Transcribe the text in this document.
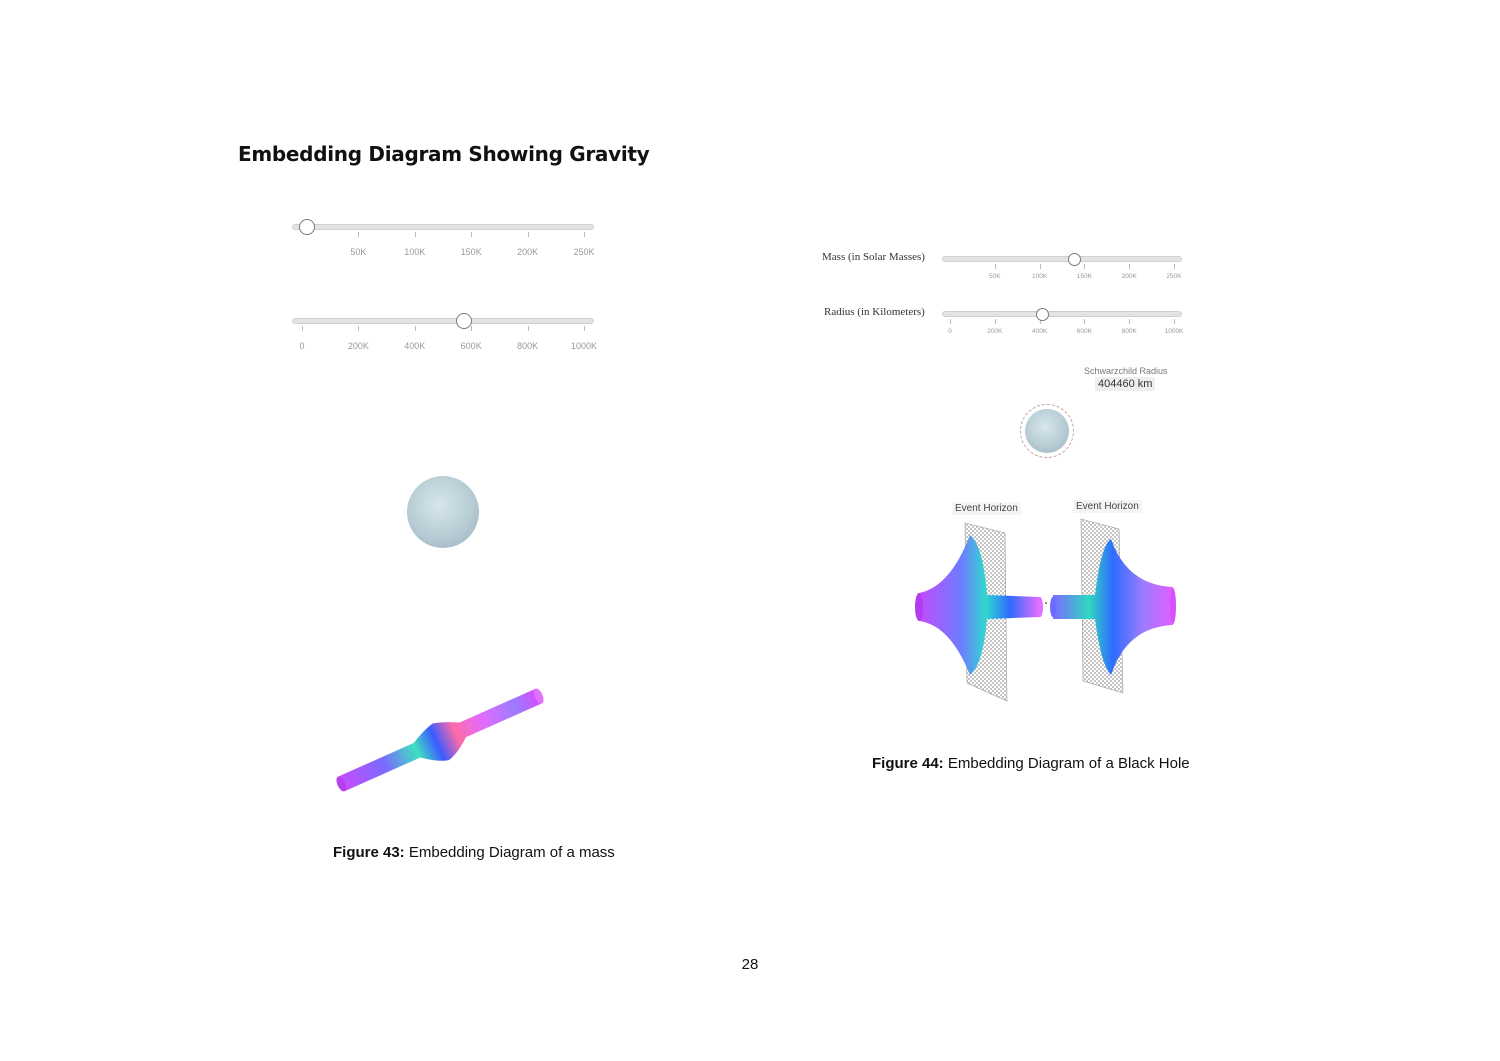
Embedding Diagram Showing Gravity
50K	100K	150K	200K	250K
0	200K	400K	600K	800K	1000K
Figure 43: Embedding Diagram of a mass
Mass (in Solar Masses)
50K	100K	150K	200K	250K
Radius (in Kilometers)
0	200K	400K	600K	800K	1000K
Schwarzchild Radius
404460 km
Event Horizon	Event Horizon
Figure 44: Embedding Diagram of a Black Hole
28
